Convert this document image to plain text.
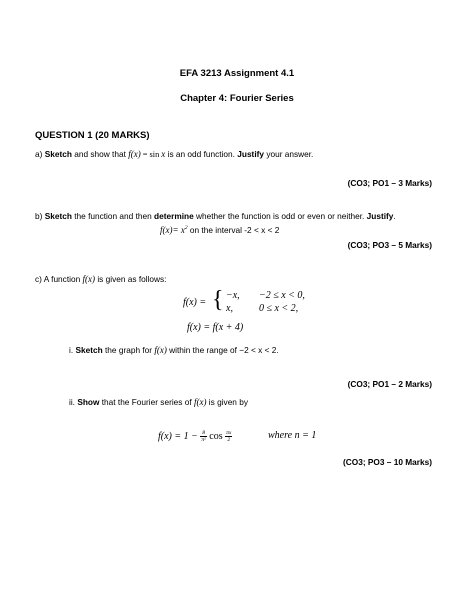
EFA 3213 Assignment 4.1
Chapter 4: Fourier Series
QUESTION 1 (20 MARKS)
a) Sketch and show that f(x) = sin x is an odd function. Justify your answer.
(CO3; PO1 – 3 Marks)
b) Sketch the function and then determine whether the function is odd or even or neither. Justify.
$f(x)= x^2$ on the interval -2 < x < 2
(CO3; PO3 – 5 Marks)
c) A function f(x) is given as follows:
f(x) = { −x, −2 ≤ x < 0,
x,	0 ≤ x < 2,
f(x) = f(x + 4)
i. Sketch the graph for f(x) within the range of −2 < x < 2.
(CO3; PO1 – 2 Marks)
ii. Show that the Fourier series of f(x) is given by
$f(x) = 1 - \frac{8}{\text{π²}}$ $\cos \frac{\pi x}{2}$	where n = 1
(CO3; PO3 – 10 Marks)
